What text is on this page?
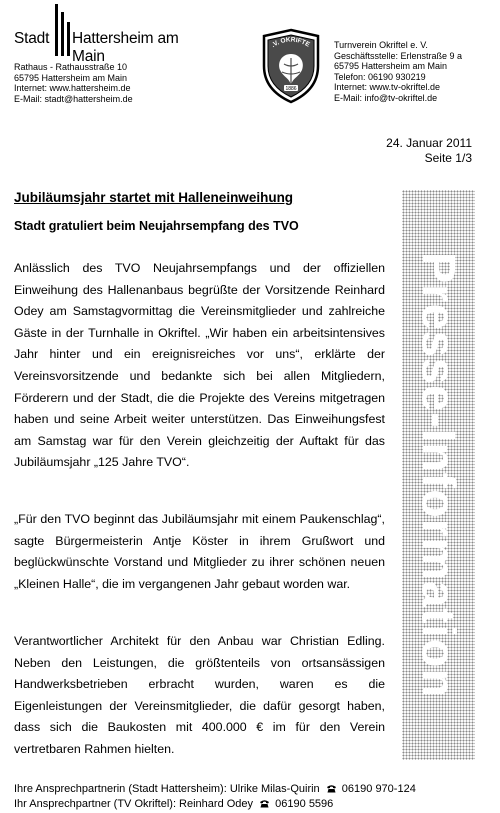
Stadt Hattersheim am Main
Rathaus - Rathausstraße 10
65795 Hattersheim am Main
Internet: www.hattersheim.de
E-Mail: stadt@hattersheim.de
.V. OKRIFTE
1886
Turnverein Okriftel e. V.
Geschäftsstelle: Erlenstraße 9 a
65795 Hattersheim am Main
Telefon: 06190 930219
Internet: www.tv-okriftel.de
E-Mail: info@tv-okriftel.de
24. Januar 2011
Seite 1/3
Presse-Information
Jubiläumsjahr startet mit Halleneinweihung
Stadt gratuliert beim Neujahrsempfang des TVO

Anlässlich des TVO Neujahrsempfangs und der offiziellen Einweihung des Hallenanbaus begrüßte der Vorsitzende Reinhard Odey am Samstagvormittag die Vereinsmitglieder und zahlreiche Gäste in der Turnhalle in Okriftel. „Wir haben ein arbeitsintensives Jahr hinter und ein ereignisreiches vor uns“, erklärte der Vereinsvorsitzende und bedankte sich bei allen Mitgliedern, Förderern und der Stadt, die die Projekte des Vereins mitgetragen haben und seine Arbeit weiter unterstützen. Das Einweihungsfest am Samstag war für den Verein gleichzeitig der Auftakt für das Jubiläumsjahr „125 Jahre TVO“.

„Für den TVO beginnt das Jubiläumsjahr mit einem Paukenschlag“, sagte Bürgermeisterin Antje Köster in ihrem Grußwort und beglückwünschte Vorstand und Mitglieder zu ihrer schönen neuen „Kleinen Halle“, die im vergangenen Jahr gebaut worden war.

Verantwortlicher Architekt für den Anbau war Christian Edling. Neben den Leistungen, die größtenteils von ortsansässigen Handwerksbetrieben erbracht wurden, waren es die Eigenleistungen der Vereinsmitglieder, die dafür gesorgt haben, dass sich die Baukosten mit 400.000 € im für den Verein vertretbaren Rahmen hielten.

Ihre Ansprechpartnerin (Stadt Hattersheim): Ulrike Milas-Quirin 06190 970-124
Ihr Ansprechpartner (TV Okriftel): Reinhard Odey 06190 5596
